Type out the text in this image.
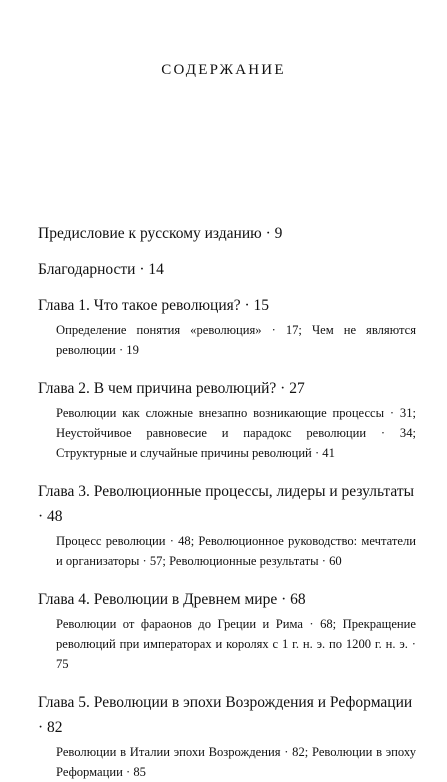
СОДЕРЖАНИЕ
Предисловие к русскому изданию · 9
Благодарности · 14
Глава 1. Что такое революция? · 15
Определение понятия «революция» · 17; Чем не являются революции · 19
Глава 2. В чем причина революций? · 27
Революции как сложные внезапно возникающие процессы · 31; Неустойчивое равновесие и парадокс революции · 34; Структурные и случайные причины революций · 41
Глава 3. Революционные процессы, лидеры и результаты · 48
Процесс революции · 48; Революционное руководство: мечтатели и организаторы · 57; Революционные результаты · 60
Глава 4. Революции в Древнем мире · 68
Революции от фараонов до Греции и Рима · 68; Прекращение революций при императорах и королях с 1 г. н. э. по 1200 г. н. э. · 75
Глава 5. Революции в эпохи Возрождения и Реформации · 82
Революции в Италии эпохи Возрождения · 82; Революции в эпоху Реформации · 85
